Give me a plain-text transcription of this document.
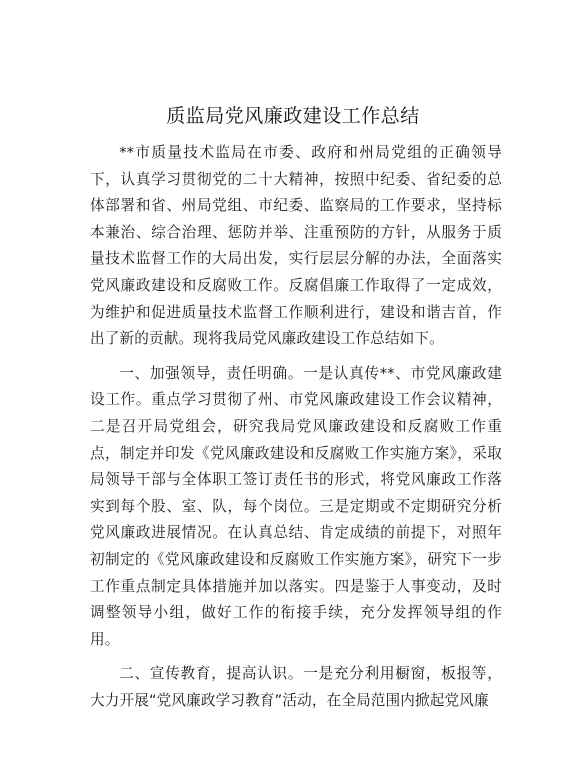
质监局党风廉政建设工作总结

**市质量技术监局在市委、政府和州局党组的正确领导下，认真学习贯彻党的二十大精神，按照中纪委、省纪委的总体部署和省、州局党组、市纪委、监察局的工作要求，坚持标本兼治、综合治理、惩防并举、注重预防的方针，从服务于质量技术监督工作的大局出发，实行层层分解的办法，全面落实党风廉政建设和反腐败工作。反腐倡廉工作取得了一定成效，为维护和促进质量技术监督工作顺利进行，建设和谐吉首，作出了新的贡献。现将我局党风廉政建设工作总结如下。

一、加强领导，责任明确。一是认真传**、市党风廉政建设工作。重点学习贯彻了州、市党风廉政建设工作会议精神，二是召开局党组会，研究我局党风廉政建设和反腐败工作重点，制定并印发《党风廉政建设和反腐败工作实施方案》，采取局领导干部与全体职工签订责任书的形式，将党风廉政工作落实到每个股、室、队，每个岗位。三是定期或不定期研究分析党风廉政进展情况。在认真总结、肯定成绩的前提下，对照年初制定的《党风廉政建设和反腐败工作实施方案》，研究下一步工作重点制定具体措施并加以落实。四是鉴于人事变动，及时调整领导小组，做好工作的衔接手续，充分发挥领导组的作用。

二、宣传教育，提高认识。一是充分利用橱窗，板报等，大力开展“党风廉政学习教育”活动，在全局范围内掀起党风廉
